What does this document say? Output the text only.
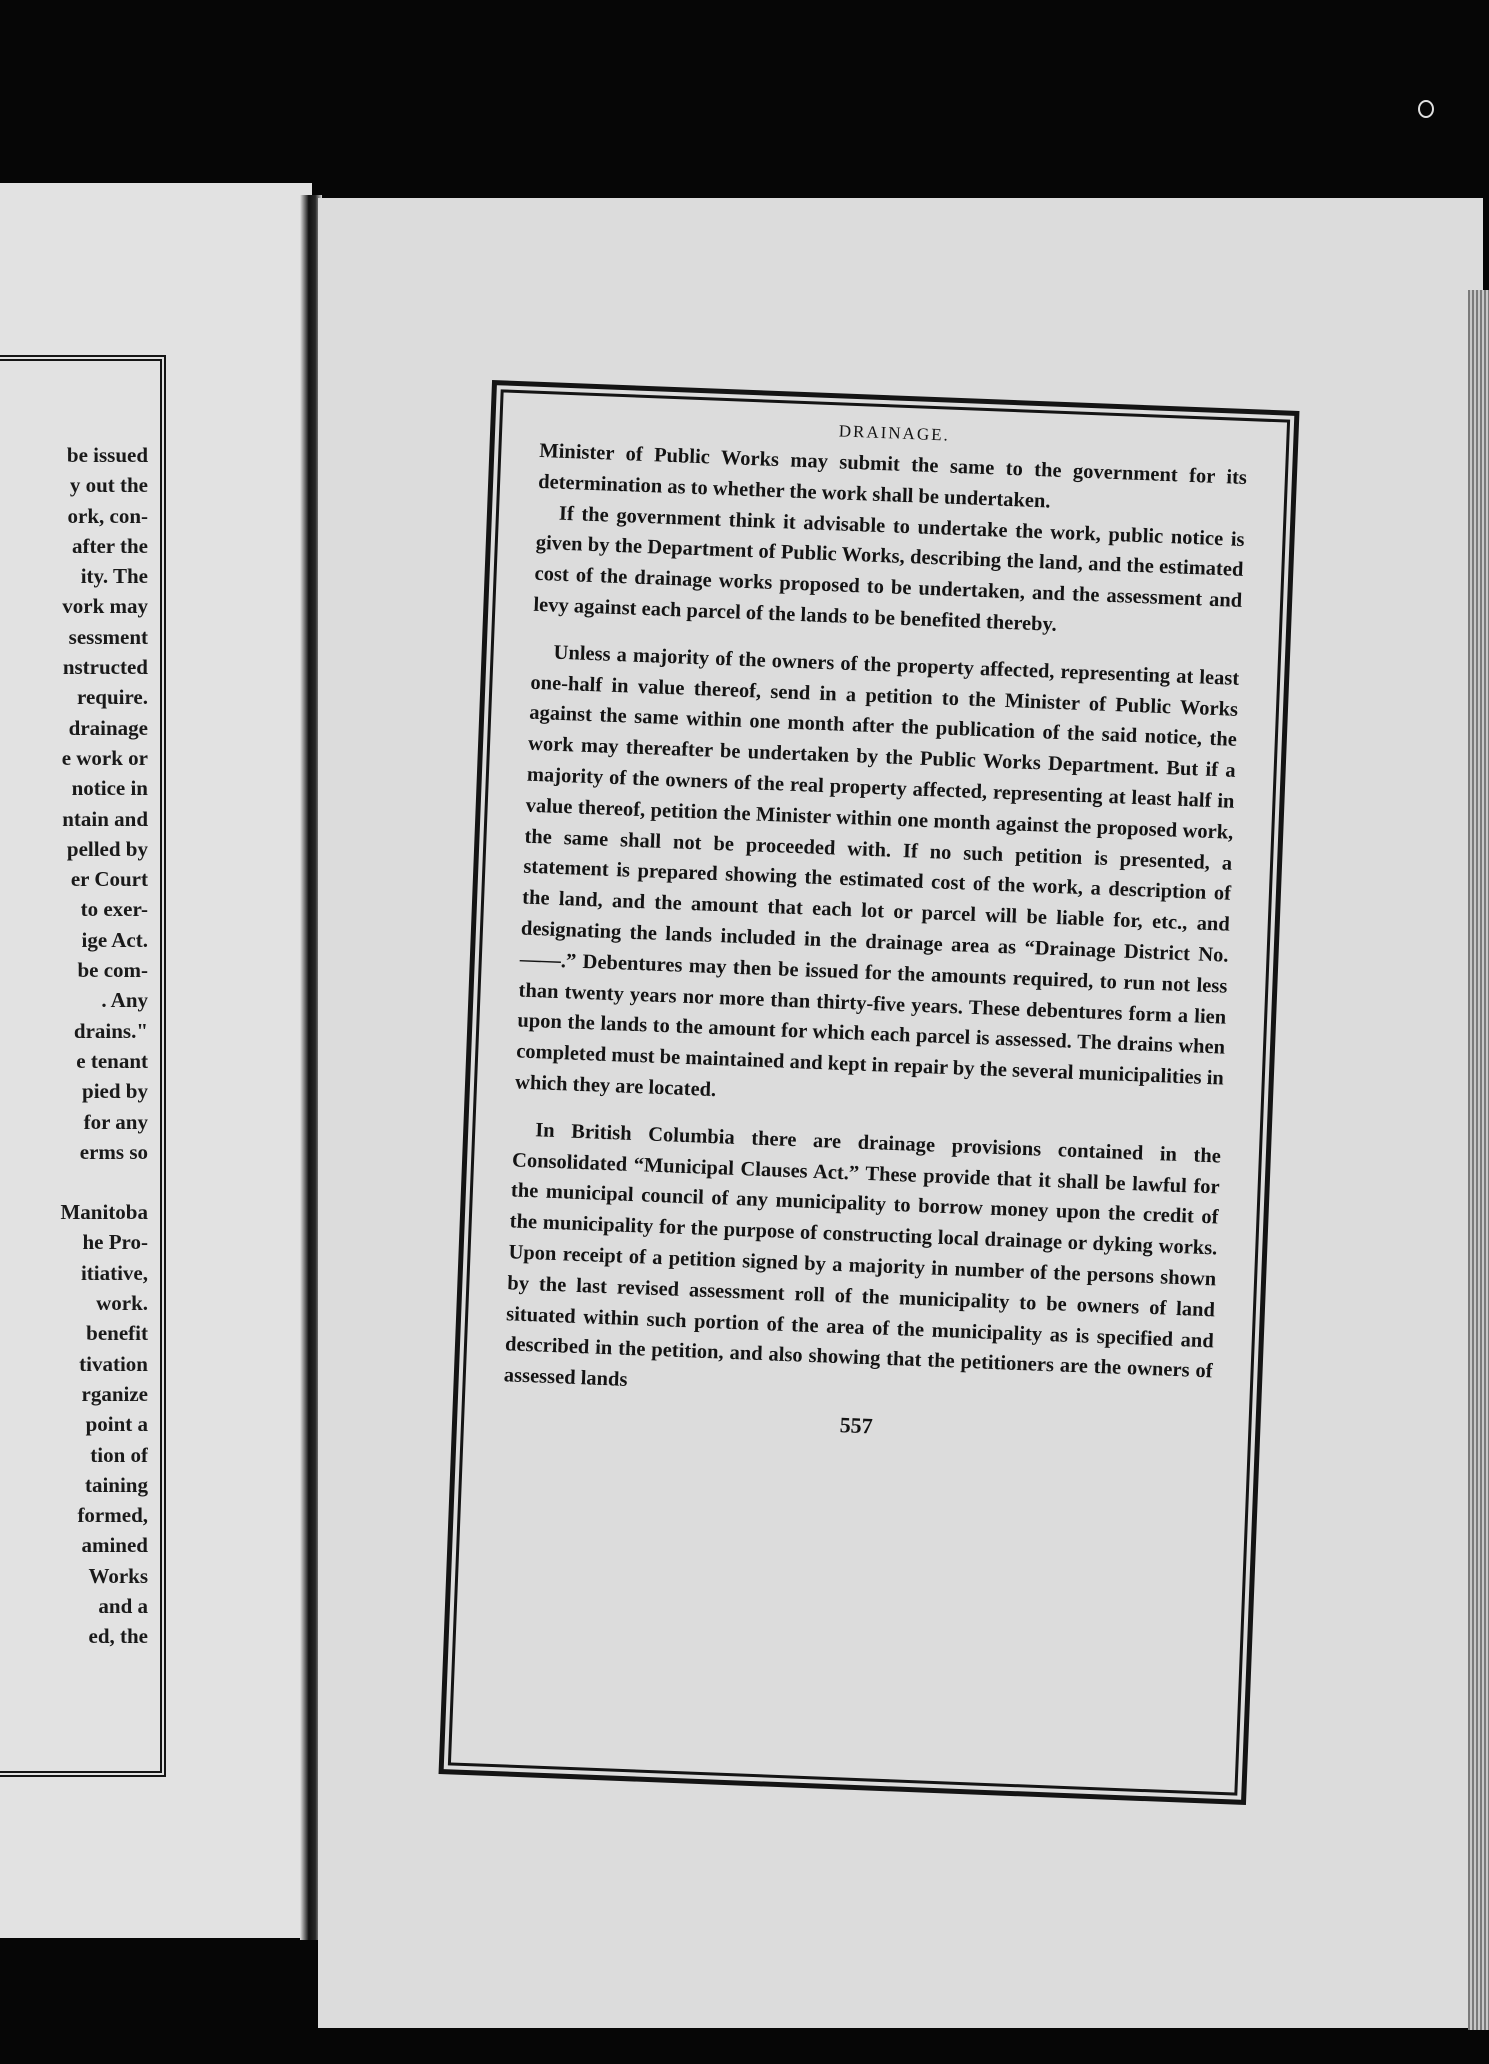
be issued
y out the
ork, con-
after the
ity. The
vork may
sessment
nstructed
require.
drainage
e work or
notice in
ntain and
pelled by
er Court
to exer-
ige Act.
be com-
. Any
drains."
e tenant
pied by
for any
erms so
Manitoba
he Pro-
itiative,
work.
benefit
tivation
rganize
point a
tion of
taining
formed,
amined
Works
and a
ed, the
DRAINAGE.

Minister of Public Works may submit the same to the government for its determination as to whether the work shall be undertaken.

If the government think it advisable to undertake the work, public notice is given by the Department of Public Works, describing the land, and the estimated cost of the drainage works proposed to be undertaken, and the assessment and levy against each parcel of the lands to be benefited thereby.

Unless a majority of the owners of the property affected, representing at least one-half in value thereof, send in a petition to the Minister of Public Works against the same within one month after the publication of the said notice, the work may thereafter be undertaken by the Public Works Department. But if a majority of the owners of the real property affected, representing at least half in value thereof, petition the Minister within one month against the proposed work, the same shall not be proceeded with. If no such petition is presented, a statement is prepared showing the estimated cost of the work, a description of the land, and the amount that each lot or parcel will be liable for, etc., and designating the lands included in the drainage area as “Drainage District No. ——.” Debentures may then be issued for the amounts required, to run not less than twenty years nor more than thirty-five years. These debentures form a lien upon the lands to the amount for which each parcel is assessed. The drains when completed must be maintained and kept in repair by the several municipalities in which they are located.

In British Columbia there are drainage provisions contained in the Consolidated “Municipal Clauses Act.” These provide that it shall be lawful for the municipal council of any municipality to borrow money upon the credit of the municipality for the purpose of constructing local drainage or dyking works. Upon receipt of a petition signed by a majority in number of the persons shown by the last revised assessment roll of the municipality to be owners of land situated within such portion of the area of the municipality as is specified and described in the petition, and also showing that the petitioners are the owners of assessed lands

557
